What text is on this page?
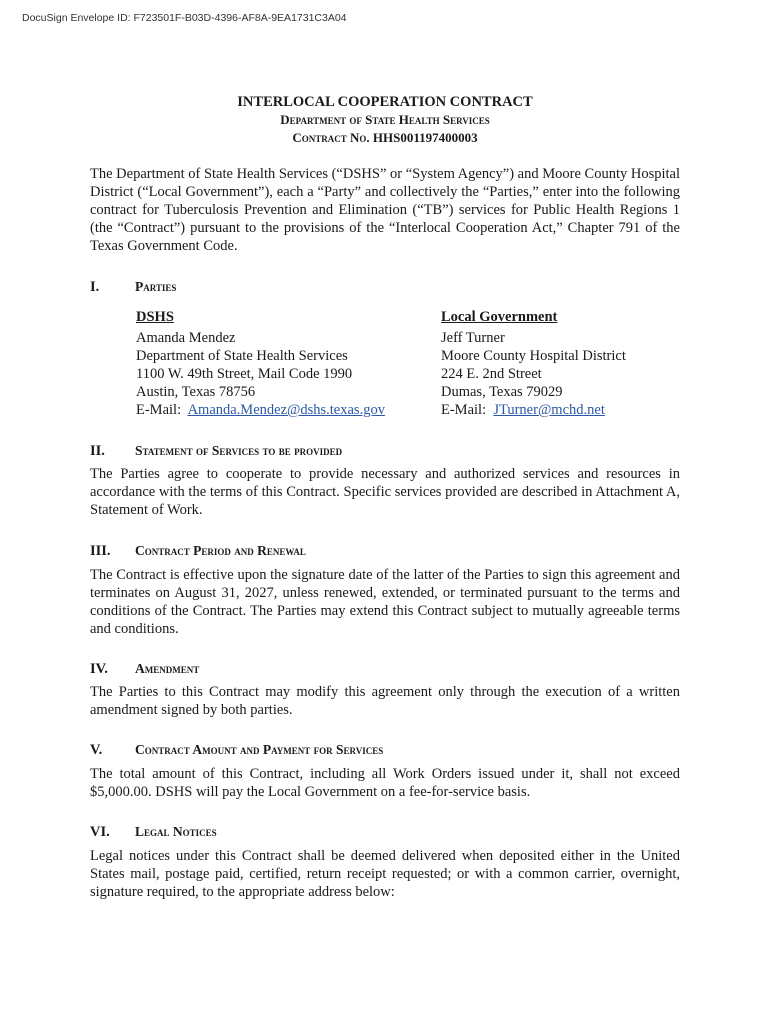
DocuSign Envelope ID: F723501F-B03D-4396-AF8A-9EA1731C3A04
INTERLOCAL COOPERATION CONTRACT
Department of State Health Services
Contract No. HHS001197400003
The Department of State Health Services (“DSHS” or “System Agency”) and Moore County Hospital District (“Local Government”), each a “Party” and collectively the “Parties,” enter into the following contract for Tuberculosis Prevention and Elimination (“TB”) services for Public Health Regions 1 (the “Contract”) pursuant to the provisions of the “Interlocal Cooperation Act,” Chapter 791 of the Texas Government Code.
I.	Parties
DSHS
Amanda Mendez
Department of State Health Services
1100 W. 49th Street, Mail Code 1990
Austin, Texas 78756
E-Mail: Amanda.Mendez@dshs.texas.gov
Local Government
Jeff Turner
Moore County Hospital District
224 E. 2nd Street
Dumas, Texas 79029
E-Mail: JTurner@mchd.net
II. Statement of Services to be provided
The Parties agree to cooperate to provide necessary and authorized services and resources in accordance with the terms of this Contract. Specific services provided are described in Attachment A, Statement of Work.
III. Contract Period and Renewal
The Contract is effective upon the signature date of the latter of the Parties to sign this agreement and terminates on August 31, 2027, unless renewed, extended, or terminated pursuant to the terms and conditions of the Contract. The Parties may extend this Contract subject to mutually agreeable terms and conditions.
IV. Amendment
The Parties to this Contract may modify this agreement only through the execution of a written amendment signed by both parties.
V. Contract Amount and Payment for Services
The total amount of this Contract, including all Work Orders issued under it, shall not exceed $5,000.00. DSHS will pay the Local Government on a fee-for-service basis.
VI. Legal Notices
Legal notices under this Contract shall be deemed delivered when deposited either in the United States mail, postage paid, certified, return receipt requested; or with a common carrier, overnight, signature required, to the appropriate address below:
